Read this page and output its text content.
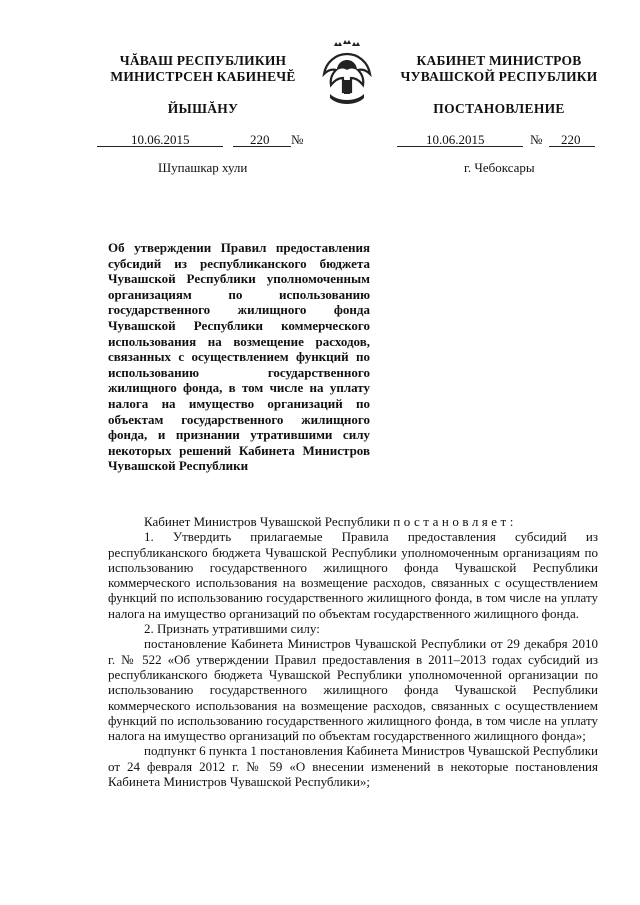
ЧĂВАШ РЕСПУБЛИКИН
МИНИСТРСЕН КАБИНЕЧĔ
КАБИНЕТ МИНИСТРОВ
ЧУВАШСКОЙ РЕСПУБЛИКИ
ЙЫШĂНУ	ПОСТАНОВЛЕНИЕ
10.06.2015	220 №	10.06.2015	№ 220
Шупашкар хули	г. Чебоксары
Об утверждении Правил предоставления субсидий из республиканского бюджета Чувашской Республики уполномоченным организациям по использованию государственного жилищного фонда Чувашской Республики коммерческого использования на возмещение расходов, связанных с осуществлением функций по использованию государственного жилищного фонда, в том числе на уплату налога на имущество организаций по объектам государственного жилищного фонда, и признании утратившими силу некоторых решений Кабинета Министров Чувашской Республики

Кабинет Министров Чувашской Республики постановляет:

1. Утвердить прилагаемые Правила предоставления субсидий из республиканского бюджета Чувашской Республики уполномоченным организациям по использованию государственного жилищного фонда Чувашской Республики коммерческого использования на возмещение расходов, связанных с осуществлением функций по использованию государственного жилищного фонда, в том числе на уплату налога на имущество организаций по объектам государственного жилищного фонда.

2. Признать утратившими силу:

постановление Кабинета Министров Чувашской Республики от 29 декабря 2010 г. № 522 «Об утверждении Правил предоставления в 2011–2013 годах субсидий из республиканского бюджета Чувашской Республики уполномоченной организации по использованию государственного жилищного фонда Чувашской Республики коммерческого использования на возмещение расходов, связанных с осуществлением функций по использованию государственного жилищного фонда, в том числе на уплату налога на имущество организаций по объектам государственного жилищного фонда»;

подпункт 6 пункта 1 постановления Кабинета Министров Чувашской Республики от 24 февраля 2012 г. № 59 «О внесении изменений в некоторые постановления Кабинета Министров Чувашской Республики»;
